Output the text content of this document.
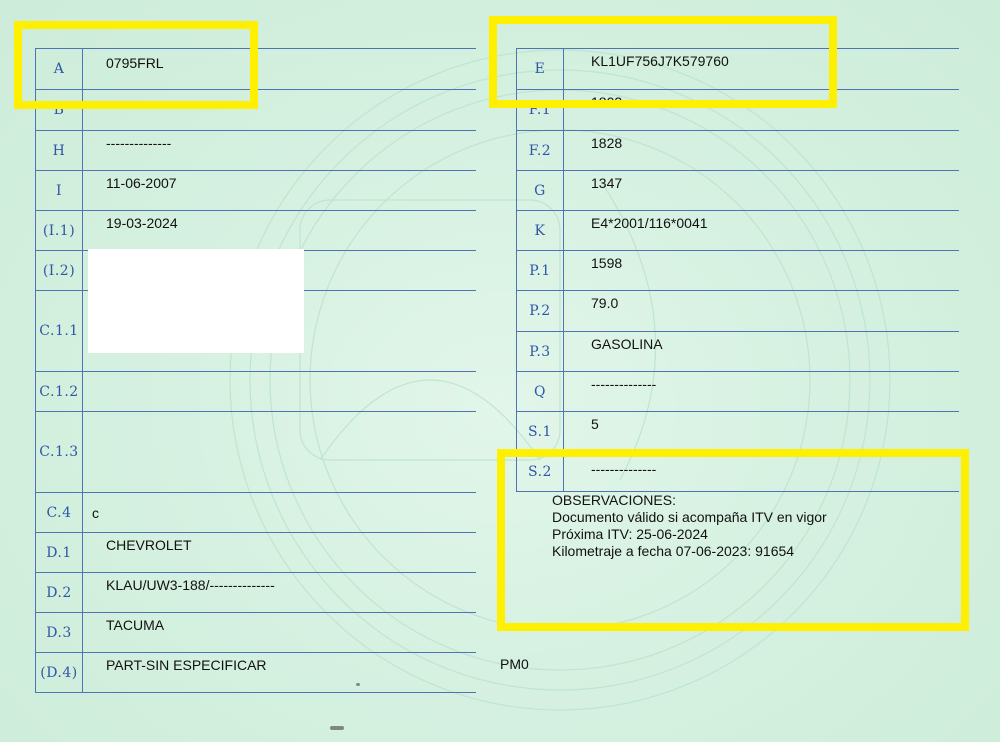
A	0795FRL
B
H	--------------
I	11-06-2007
(I.1)	19-03-2024
(I.2)
C.1.1
C.1.2
C.1.3
C.4	c
D.1	CHEVROLET
D.2	KLAU/UW3-188/--------------
D.3	TACUMA
(D.4)	PART-SIN ESPECIFICAR
E	KL1UF756J7K579760
F.1	1803
F.2	1828
G	1347
K	E4*2001/116*0041
P.1	1598
P.2	79.0
P.3	GASOLINA
Q	--------------
S.1	5
S.2	--------------
OBSERVACIONES:
Documento válido si acompaña ITV en vigor
Próxima ITV: 25-06-2024
Kilometraje a fecha 07-06-2023: 91654
PM0
